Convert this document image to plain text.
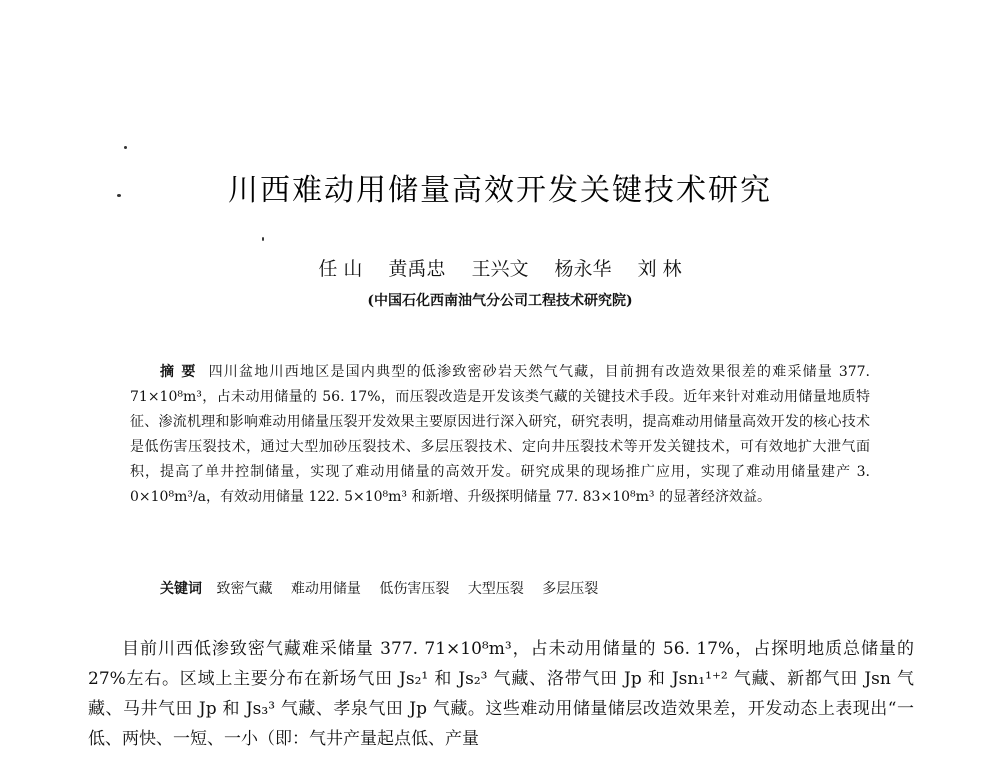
川西难动用储量高效开发关键技术研究
任 山 黄禹忠 王兴文 杨永华 刘 林
(中国石化西南油气分公司工程技术研究院)
摘 要 四川盆地川西地区是国内典型的低渗致密砂岩天然气气藏，目前拥有改造效果很差的难采储量 377. 71×10⁸m³，占未动用储量的 56. 17%，而压裂改造是开发该类气藏的关键技术手段。近年来针对难动用储量地质特征、渗流机理和影响难动用储量压裂开发效果主要原因进行深入研究，研究表明，提高难动用储量高效开发的核心技术是低伤害压裂技术，通过大型加砂压裂技术、多层压裂技术、定向井压裂技术等开发关键技术，可有效地扩大泄气面积，提高了单井控制储量，实现了难动用储量的高效开发。研究成果的现场推广应用，实现了难动用储量建产 3. 0×10⁸m³/a，有效动用储量 122. 5×10⁸m³ 和新增、升级探明储量 77. 83×10⁸m³ 的显著经济效益。
关键词 致密气藏 难动用储量 低伤害压裂 大型压裂 多层压裂

目前川西低渗致密气藏难采储量 377. 71×10⁸m³，占未动用储量的 56. 17%，占探明地质总储量的 27%左右。区域上主要分布在新场气田 Js₂¹ 和 Js₂³ 气藏、洛带气田 Jp 和 Jsn₁¹⁺² 气藏、新都气田 Jsn 气藏、马井气田 Jp 和 Js₃³ 气藏、孝泉气田 Jp 气藏。这些难动用储量储层改造效果差，开发动态上表现出“一低、两快、一短、一小（即：气井产量起点低、产量
